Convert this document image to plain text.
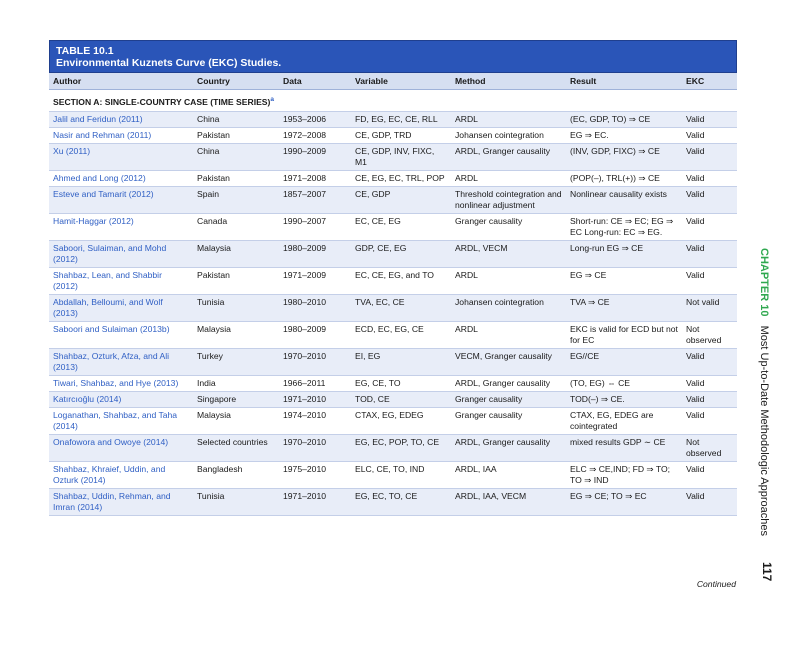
TABLE 10.1
Environmental Kuznets Curve (EKC) Studies.
Author	Country	Data	Variable	Method	Result	EKC
SECTION A: SINGLE-COUNTRY CASE (TIME SERIES)$^a$
Jalil and Feridun (2011)	China	1953–2006	FD, EG, EC, CE, RLL	ARDL	(EC, GDP, TO) ⇒ CE	Valid
Nasir and Rehman (2011)	Pakistan	1972–2008	CE, GDP, TRD	Johansen cointegration	EG ⇒ EC.	Valid
Xu (2011)	China	1990–2009	CE, GDP, INV, FIXC, M1	ARDL, Granger causality	(INV, GDP, FIXC) ⇒ CE	Valid
Ahmed and Long (2012)	Pakistan	1971–2008	CE, EG, EC, TRL, POP	ARDL	(POP(–), TRL(+)) ⇒ CE	Valid
Esteve and Tamarit (2012)	Spain	1857–2007	CE, GDP	Threshold cointegration and nonlinear adjustment	Nonlinear causality exists	Valid
Hamit-Haggar (2012)	Canada	1990–2007	EC, CE, EG	Granger causality	Short-run: CE ⇒ EC; EG ⇒ EC Long-run: EC ⇒ EG.	Valid
Saboori, Sulaiman, and Mohd (2012)	Malaysia	1980–2009	GDP, CE, EG	ARDL, VECM	Long-run EG ⇒ CE	Valid
Shahbaz, Lean, and Shabbir (2012)	Pakistan	1971–2009	EC, CE, EG, and TO	ARDL	EG ⇒ CE	Valid
Abdallah, Belloumi, and Wolf (2013)	Tunisia	1980–2010	TVA, EC, CE	Johansen cointegration	TVA ⇒ CE	Not valid
Saboori and Sulaiman (2013b)	Malaysia	1980–2009	ECD, EC, EG, CE	ARDL	EKC is valid for ECD but not for EC	Not observed
Shahbaz, Ozturk, Afza, and Ali (2013)	Turkey	1970–2010	EI, EG	VECM, Granger causality	EG//CE	Valid
Tiwari, Shahbaz, and Hye (2013)	India	1966–2011	EG, CE, TO	ARDL, Granger causality	(TO, EG) ⇔ CE	Valid
Katırcıoğlu (2014)	Singapore	1971–2010	TOD, CE	Granger causality	TOD(–) ⇒ CE.	Valid
Loganathan, Shahbaz, and Taha (2014)	Malaysia	1974–2010	CTAX, EG, EDEG	Granger causality	CTAX, EG, EDEG are cointegrated	Valid
Onafowora and Owoye (2014)	Selected countries	1970–2010	EG, EC, POP, TO, CE	ARDL, Granger causality	mixed results GDP ∼ CE	Not observed
Shahbaz, Khraief, Uddin, and Ozturk (2014)	Bangladesh	1975–2010	ELC, CE, TO, IND	ARDL, IAA	ELC ⇒ CE,IND; FD ⇒ TO; TO ⇒ IND	Valid
Shahbaz, Uddin, Rehman, and Imran (2014)	Tunisia	1971–2010	EG, EC, TO, CE	ARDL, IAA, VECM	EG ⇒ CE; TO ⇒ EC	Valid
Continued
CHAPTER 10   Most Up-to-Date Methodologic Approaches
117
